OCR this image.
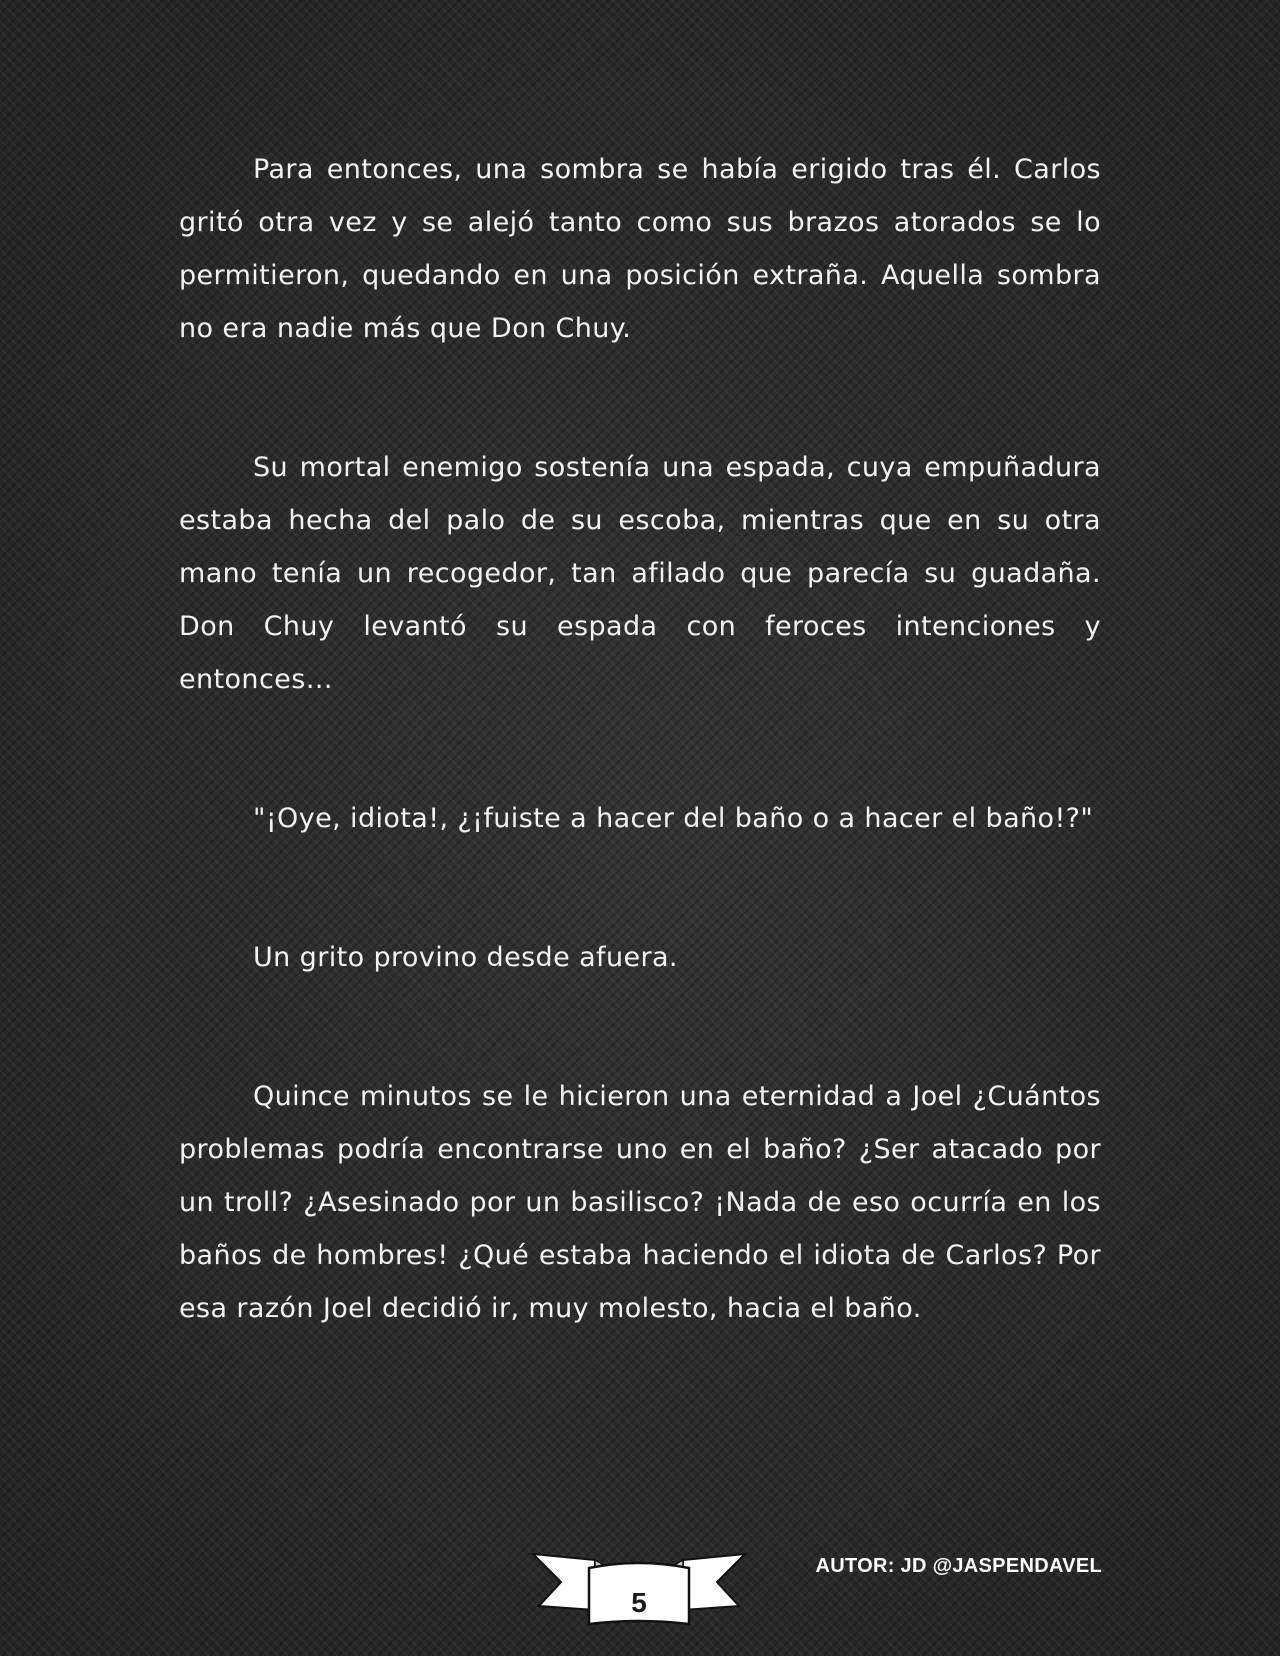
Para entonces, una sombra se había erigido tras él. Carlos gritó otra vez y se alejó tanto como sus brazos atorados se lo permitieron, quedando en una posición extraña. Aquella sombra no era nadie más que Don Chuy.

Su mortal enemigo sostenía una espada, cuya empuñadura estaba hecha del palo de su escoba, mientras que en su otra mano tenía un recogedor, tan afilado que parecía su guadaña. Don Chuy levantó su espada con feroces intenciones y entonces…

"¡Oye, idiota!, ¿¡fuiste a hacer del baño o a hacer el baño!?"

Un grito provino desde afuera.

Quince minutos se le hicieron una eternidad a Joel ¿Cuántos problemas podría encontrarse uno en el baño? ¿Ser atacado por un troll? ¿Asesinado por un basilisco? ¡Nada de eso ocurría en los baños de hombres! ¿Qué estaba haciendo el idiota de Carlos? Por esa razón Joel decidió ir, muy molesto, hacia el baño.

5
AUTOR: JD @JASPENDAVEL
